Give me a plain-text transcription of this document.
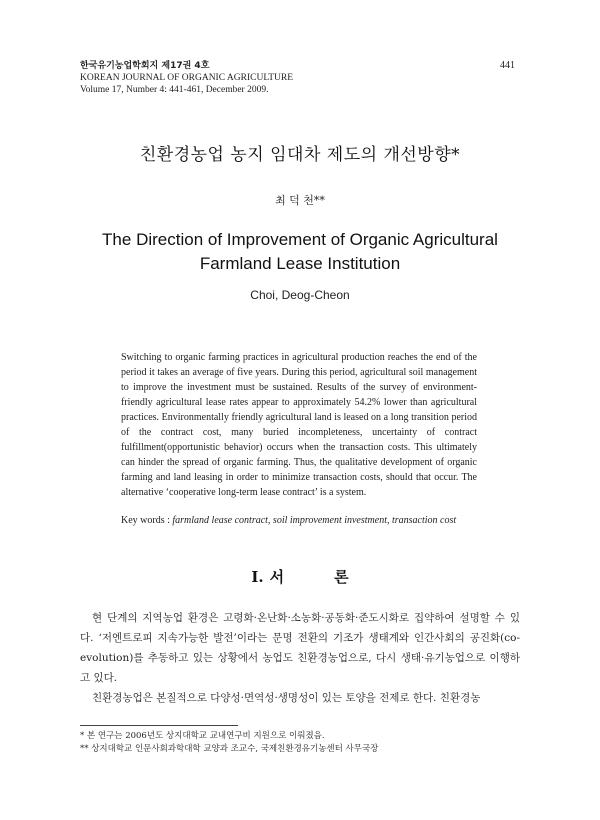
한국유기농업학회지 제17권 4호
KOREAN JOURNAL OF ORGANIC AGRICULTURE
Volume 17, Number 4: 441-461, December 2009.
441
친환경농업 농지 임대차 제도의 개선방향*
최 덕 천**
The Direction of Improvement of Organic Agricultural
Farmland Lease Institution
Choi, Deog-Cheon
Switching to organic farming practices in agricultural production reaches the end of the period it takes an average of five years. During this period, agricultural soil management to improve the investment must be sustained. Results of the survey of environment-friendly agricultural lease rates appear to approximately 54.2% lower than agricultural practices. Environmentally friendly agricultural land is leased on a long transition period of the contract cost, many buried incompleteness, uncertainty of contract fulfillment(opportunistic behavior) occurs when the transaction costs. This ultimately can hinder the spread of organic farming. Thus, the qualitative development of organic farming and land leasing in order to minimize transaction costs, should that occur. The alternative ‘cooperative long-term lease contract’ is a system.
Key words : farmland lease contract, soil improvement investment, transaction cost
Ⅰ. 서	론

현 단계의 지역농업 환경은 고령화·온난화·소농화·공동화·준도시화로 집약하여 설명할 수 있다. ‘저엔트로피 지속가능한 발전’이라는 문명 전환의 기조가 생태계와 인간사회의 공진화(co-evolution)를 추동하고 있는 상황에서 농업도 친환경농업으로, 다시 생태·유기농업으로 이행하고 있다.

친환경농업은 본질적으로 다양성·면역성·생명성이 있는 토양을 전제로 한다. 친환경농

* 본 연구는 2006년도 상지대학교 교내연구비 지원으로 이뤄졌음.
** 상지대학교 인문사회과학대학 교양과 조교수, 국제친환경유기농센터 사무국장
